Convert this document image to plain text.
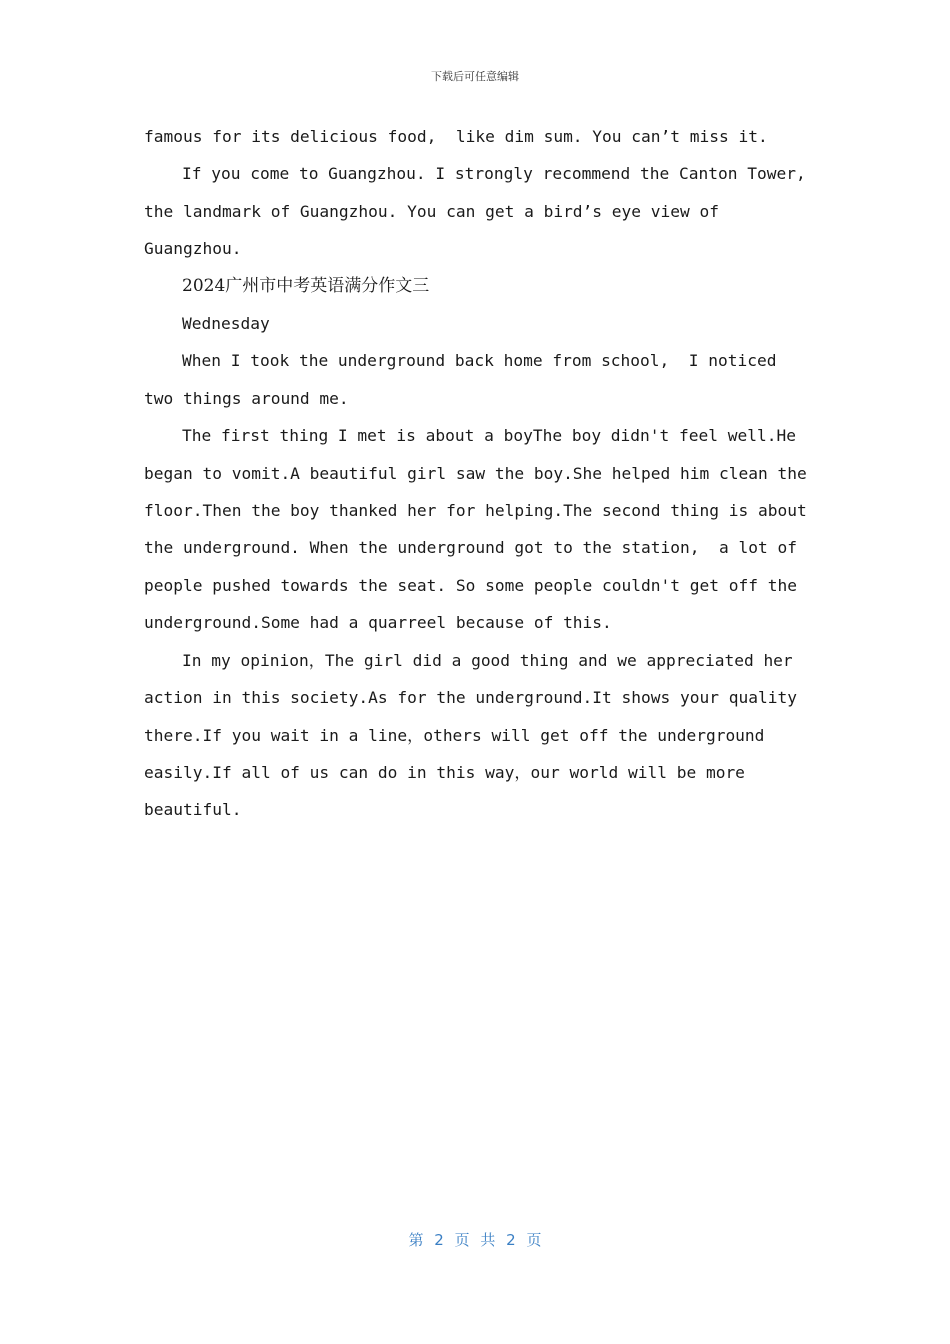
下载后可任意编辑

famous for its delicious food,  like dim sum. You can’t miss it.

If you come to Guangzhou. I strongly recommend the Canton Tower, the landmark of Guangzhou. You can get a bird’s eye view of Guangzhou.

2024广州市中考英语满分作文三

Wednesday

When I took the underground back home from school,  I noticed two things around me.

The first thing I met is about a boyThe boy didn't feel well.He began to vomit.A beautiful girl saw the boy.She helped him clean the floor.Then the boy thanked her for helping.The second thing is about the underground. When the underground got to the station,  a lot of people pushed towards the seat. So some people couldn't get off the underground.Some had a quarreel because of this.

In my opinion，The girl did a good thing and we appreciated her action in this society.As for the underground.It shows your quality there.If you wait in a line，others will get off the underground easily.If all of us can do in this way，our world will be more beautiful.

第 2 页 共 2 页
